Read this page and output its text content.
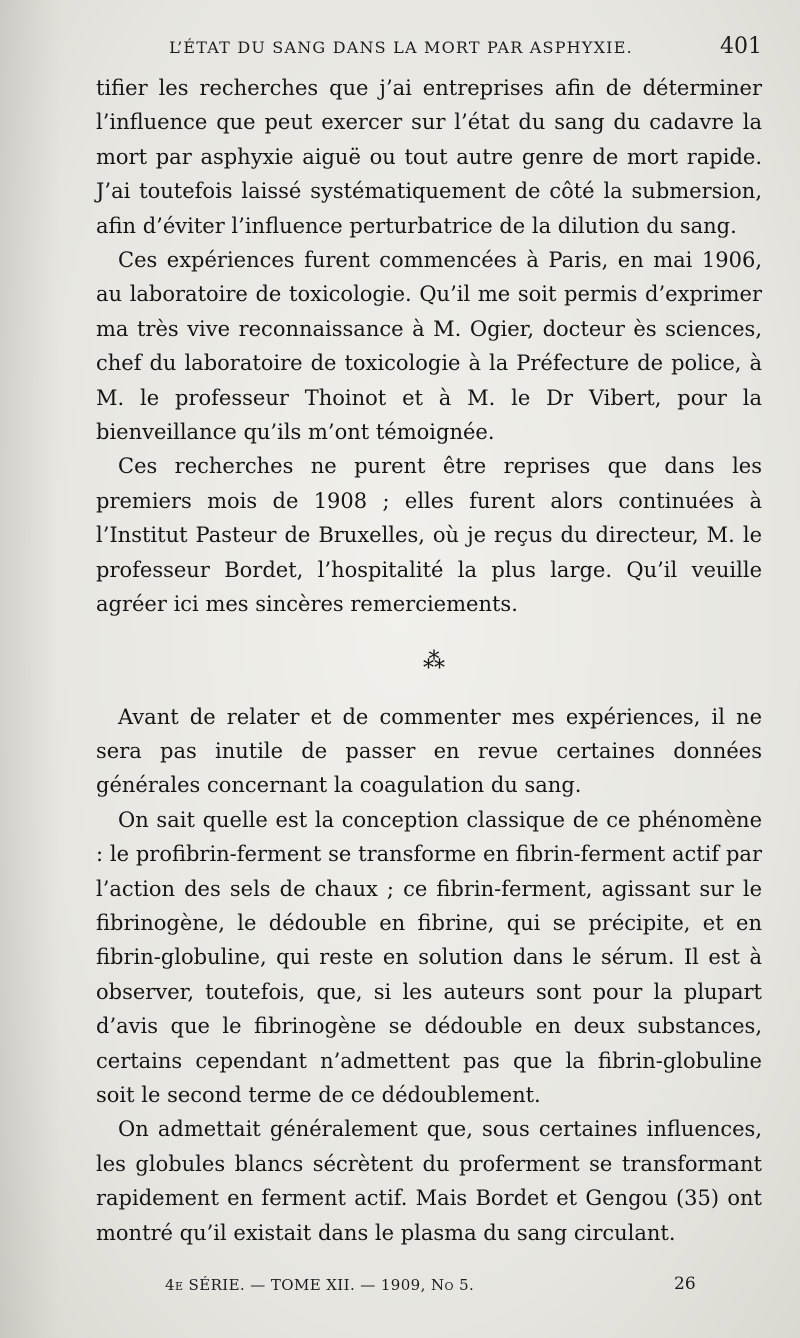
L’ÉTAT DU SANG DANS LA MORT PAR ASPHYXIE.	401

tifier les recherches que j’ai entreprises afin de déterminer l’influence que peut exercer sur l’état du sang du cadavre la mort par asphyxie aiguë ou tout autre genre de mort rapide. J’ai toutefois laissé systématiquement de côté la submersion, afin d’éviter l’influence perturbatrice de la dilution du sang.

Ces expériences furent commencées à Paris, en mai 1906, au laboratoire de toxicologie. Qu’il me soit permis d’exprimer ma très vive reconnaissance à M. Ogier, docteur ès sciences, chef du laboratoire de toxicologie à la Préfecture de police, à M. le professeur Thoinot et à M. le Dr Vibert, pour la bienveillance qu’ils m’ont témoignée.

Ces recherches ne purent être reprises que dans les premiers mois de 1908 ; elles furent alors continuées à l’Institut Pasteur de Bruxelles, où je reçus du directeur, M. le professeur Bordet, l’hospitalité la plus large. Qu’il veuille agréer ici mes sincères remerciements.

⁂

Avant de relater et de commenter mes expériences, il ne sera pas inutile de passer en revue certaines données générales concernant la coagulation du sang.

On sait quelle est la conception classique de ce phénomène : le profibrin-ferment se transforme en fibrin-ferment actif par l’action des sels de chaux ; ce fibrin-ferment, agissant sur le fibrinogène, le dédouble en fibrine, qui se précipite, et en fibrin-globuline, qui reste en solution dans le sérum. Il est à observer, toutefois, que, si les auteurs sont pour la plupart d’avis que le fibrinogène se dédouble en deux substances, certains cependant n’admettent pas que la fibrin-globuline soit le second terme de ce dédoublement.

On admettait généralement que, sous certaines influences, les globules blancs sécrètent du proferment se transformant rapidement en ferment actif. Mais Bordet et Gengou (35) ont montré qu’il existait dans le plasma du sang circulant.

4e SÉRIE. — TOME XII. — 1909, No 5.	26
